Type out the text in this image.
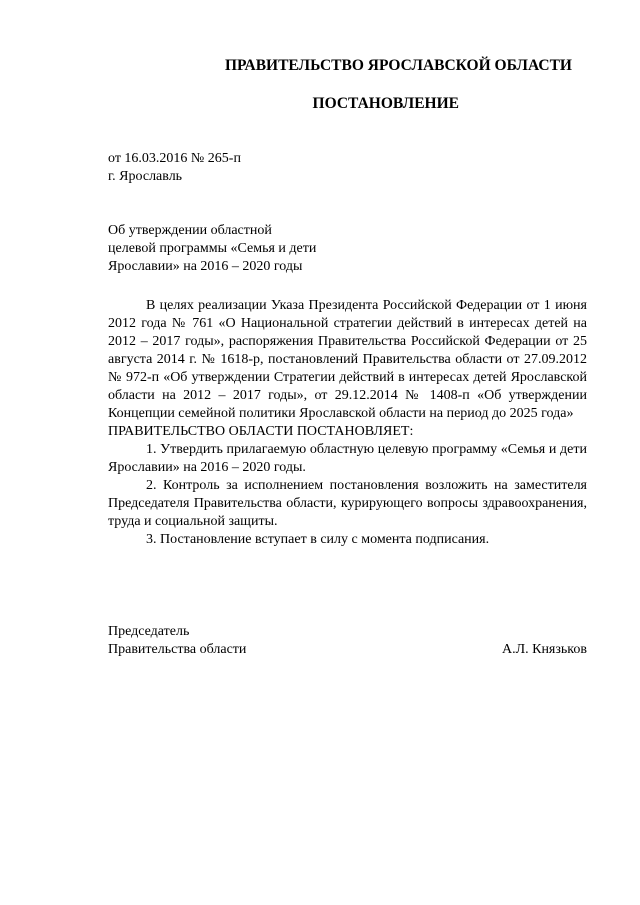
ПРАВИТЕЛЬСТВО ЯРОСЛАВСКОЙ ОБЛАСТИ
ПОСТАНОВЛЕНИЕ
от 16.03.2016 № 265-п
г. Ярославль
Об утверждении областной
целевой программы «Семья и дети
Ярославии» на 2016 – 2020 годы

В целях реализации Указа Президента Российской Федерации от 1 июня 2012 года № 761 «О Национальной стратегии действий в интересах детей на 2012 – 2017 годы», распоряжения Правительства Российской Федерации от 25 августа 2014 г. № 1618-р, постановлений Правительства области от 27.09.2012 № 972-п «Об утверждении Стратегии действий в интересах детей Ярославской области на 2012 – 2017 годы», от 29.12.2014 № 1408-п «Об утверждении Концепции семейной политики Ярославской области на период до 2025 года»

ПРАВИТЕЛЬСТВО ОБЛАСТИ ПОСТАНОВЛЯЕТ:

1. Утвердить прилагаемую областную целевую программу «Семья и дети Ярославии» на 2016 – 2020 годы.

2. Контроль за исполнением постановления возложить на заместителя Председателя Правительства области, курирующего вопросы здравоохранения, труда и социальной защиты.

3. Постановление вступает в силу с момента подписания.

Председатель
Правительства области	А.Л. Князьков
